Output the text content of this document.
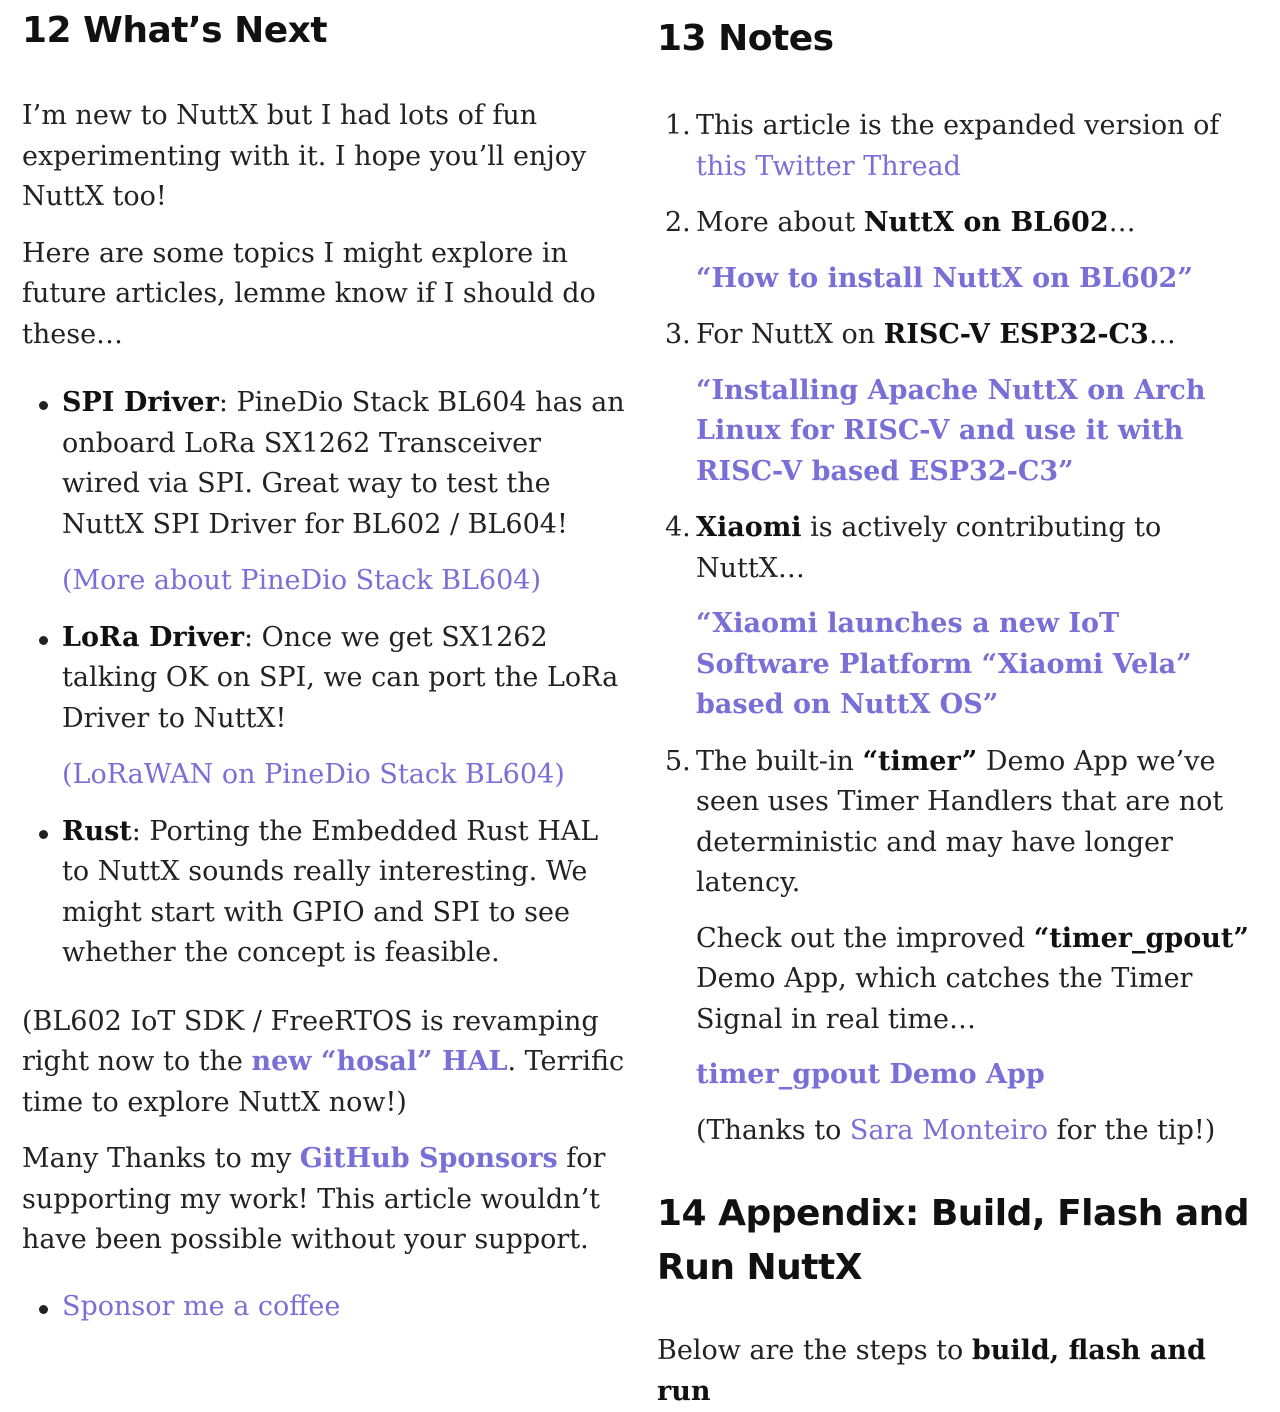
12 What’s Next

I’m new to NuttX but I had lots of fun experimenting with it. I hope you’ll enjoy NuttX too!

Here are some topics I might explore in future articles, lemme know if I should do these…

SPI Driver: PineDio Stack BL604 has an onboard LoRa SX1262 Transceiver wired via SPI. Great way to test the NuttX SPI Driver for BL602 / BL604!

(More about PineDio Stack BL604)

LoRa Driver: Once we get SX1262 talking OK on SPI, we can port the LoRa Driver to NuttX!

(LoRaWAN on PineDio Stack BL604)

Rust: Porting the Embedded Rust HAL to NuttX sounds really interesting. We might start with GPIO and SPI to see whether the concept is feasible.

(BL602 IoT SDK / FreeRTOS is revamping right now to the new “hosal” HAL. Terrific time to explore NuttX now!)

Many Thanks to my GitHub Sponsors for supporting my work! This article wouldn’t have been possible without your support.

Sponsor me a coffee

13 Notes
1. This article is the expanded version of this Twitter Thread

2. More about NuttX on BL602…

“How to install NuttX on BL602”

3. For NuttX on RISC-V ESP32-C3…

“Installing Apache NuttX on Arch Linux for RISC-V and use it with RISC-V based ESP32-C3”

4. Xiaomi is actively contributing to NuttX…

“Xiaomi launches a new IoT Software Platform “Xiaomi Vela” based on NuttX OS”

5. The built-in “timer” Demo App we’ve seen uses Timer Handlers that are not deterministic and may have longer latency.

Check out the improved “timer_gpout” Demo App, which catches the Timer Signal in real time…

timer_gpout Demo App

(Thanks to Sara Monteiro for the tip!)

14 Appendix: Build, Flash and Run NuttX

Below are the steps to build, flash and run
